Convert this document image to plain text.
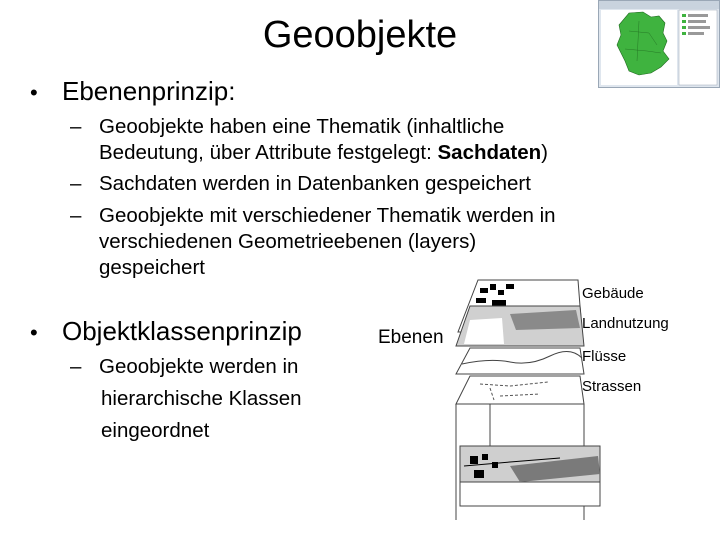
Geoobjekte
• Ebenenprinzip:
– Geoobjekte haben eine Thematik (inhaltliche
Bedeutung, über Attribute festgelegt: Sachdaten)
– Sachdaten werden in Datenbanken gespeichert
– Geoobjekte mit verschiedener Thematik werden in
verschiedenen Geometrieebenen (layers)
gespeichert
• Objektklassenprinzip
– Geoobjekte werden in
hierarchische Klassen
eingeordnet
Ebenen
Gebäude
Landnutzung
Flüsse
Strassen
